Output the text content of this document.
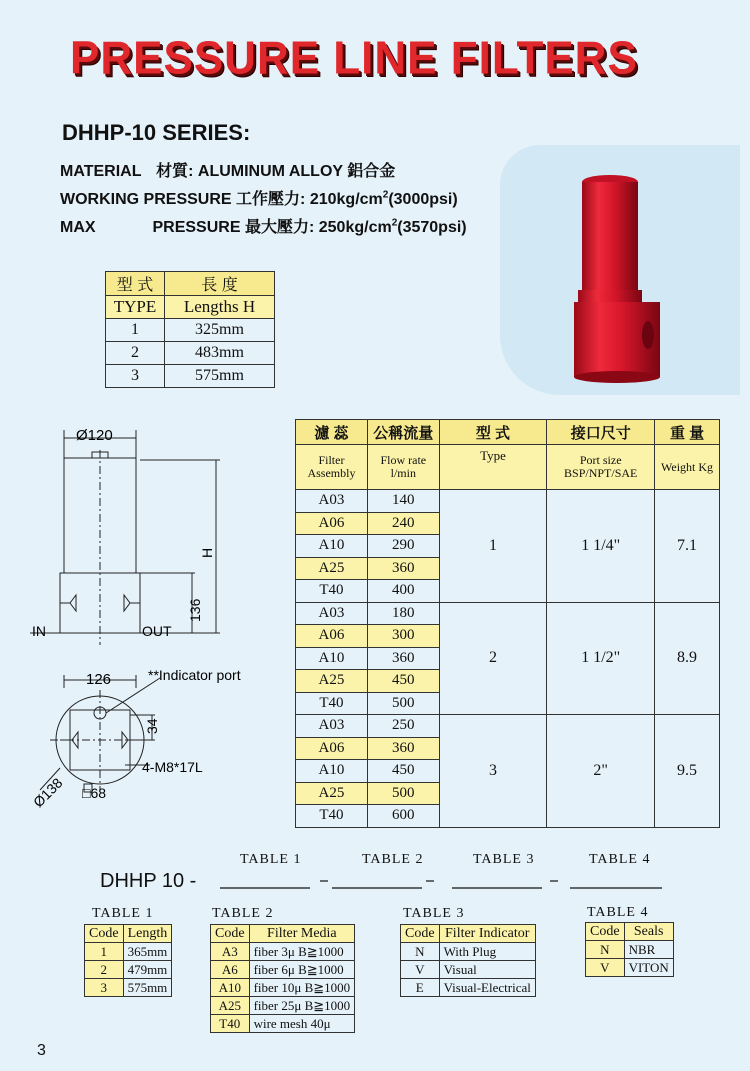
PRESSURE LINE FILTERS
DHHP-10 SERIES:
MATERIAL 材質: ALUMINUM ALLOY 鋁合金
WORKING PRESSURE 工作壓力: $210kg/cm^2(3000psi)$
MAX	PRESSURE 最大壓力: $250kg/cm^2(3570psi)$
型 式	長 度
TYPE	Lengths H
1	325mm
2	483mm
3	575mm
Ø120
H
136
IN	OUT
126	**Indicator port
34
4-M8*17L
Ø138 □68
濾 蕊	公稱流量	型 式	接口尺寸	重 量
Filter Assembly	Flow rate l/min	Type	Port size BSP/NPT/SAE	Weight Kg
A03	140	1	1 1/4"	7.1
A06	240			
A10	290			
A25	360			
T40	400			
A03	180	2	1 1/2"	8.9
A06	300			
A10	360			
A25	450			
T40	500			
A03	250	3	2"	9.5
A06	360			
A10	450			
A25	500			
T40	600			
TABLE 1	TABLE 2	TABLE 3	TABLE 4
DHHP 10 -
TABLE 1
Code	Length
1	365mm
2	479mm
3	575mm
TABLE 2
Code	Filter Media
A3	fiber 3μ B≧1000
A6	fiber 6μ B≧1000
A10	fiber 10μ B≧1000
A25	fiber 25μ B≧1000
T40	wire mesh 40μ
TABLE 3
Code	Filter Indicator
N	With Plug
V	Visual
E	Visual-Electrical
TABLE 4
Code	Seals
N	NBR
V	VITON
3
